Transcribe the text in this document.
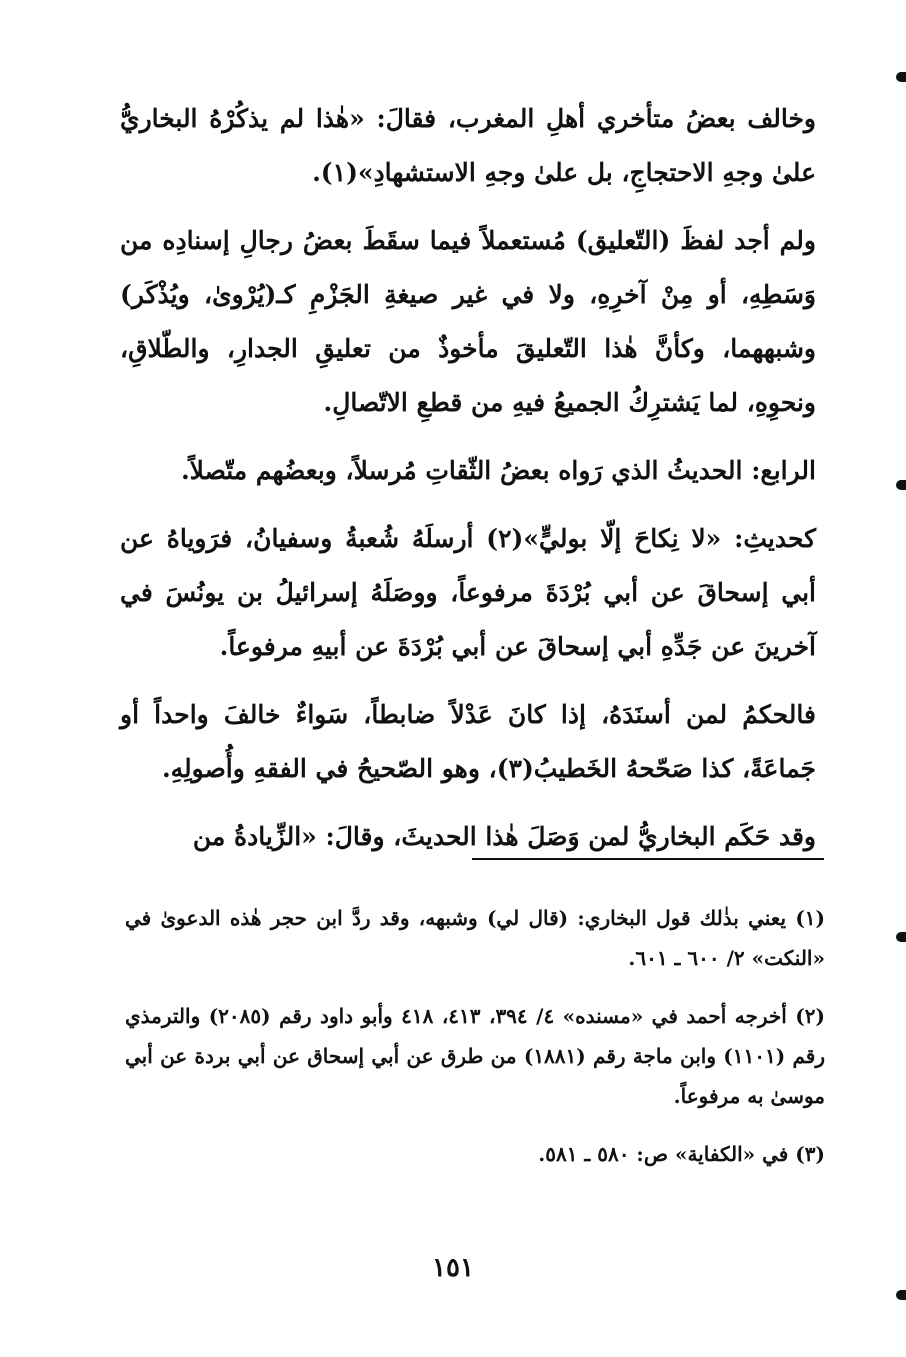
وخالف بعضُ متأخري أهلِ المغرب، فقالَ: «هٰذا لم يذكُرْهُ البخاريُّ علىٰ وجهِ الاحتجاجِ، بل علىٰ وجهِ الاستشهادِ»(١).

ولم أجد لفظَ (التّعليق) مُستعملاً فيما سقَطَ بعضُ رجالِ إسنادِه من وَسَطِهِ، أو مِنْ آخرِهِ، ولا في غير صيغةِ الجَزْمِ كـ(يُرْوىٰ، ويُذْكَر) وشبههما، وكأنَّ هٰذا التّعليقَ مأخوذٌ من تعليقِ الجدارِ، والطّلاقِ، ونحوِهِ، لما يَشترِكُ الجميعُ فيهِ من قطعِ الاتّصالِ.

الرابع: الحديثُ الذي رَواه بعضُ الثّقاتِ مُرسلاً، وبعضُهم متّصلاً.

كحديثِ: «لا نِكاحَ إلّا بوليٍّ»(٢) أرسلَهُ شُعبةُ وسفيانُ، فرَوياهُ عن أبي إسحاقَ عن أبي بُرْدَةَ مرفوعاً، ووصَلَهُ إسرائيلُ بن يونُسَ في آخرينَ عن جَدِّهِ أبي إسحاقَ عن أبي بُرْدَةَ عن أبيهِ مرفوعاً.

فالحكمُ لمن أسنَدَهُ، إذا كانَ عَدْلاً ضابطاً، سَواءٌ خالفَ واحداً أو جَماعَةً، كذا صَحّحهُ الخَطيبُ(٣)، وهو الصّحيحُ في الفقهِ وأُصولِهِ.

وقد حَكَم البخاريُّ لمن وَصَلَ هٰذا الحديثَ، وقالَ: «الزِّيادةُ من

(١) يعني بذٰلك قول البخاري: (قال لي) وشبهه، وقد ردَّ ابن حجر هٰذه الدعوىٰ في «النكت» ٢/ ٦٠٠ ـ ٦٠١.
(٢) أخرجه أحمد في «مسنده» ٤/ ٣٩٤، ٤١٣، ٤١٨ وأبو داود رقم (٢٠٨٥) والترمذي رقم (١١٠١) وابن ماجة رقم (١٨٨١) من طرق عن أبي إسحاق عن أبي بردة عن أبي موسىٰ به مرفوعاً.
(٣) في «الكفاية» ص: ٥٨٠ ـ ٥٨١.
١٥١
